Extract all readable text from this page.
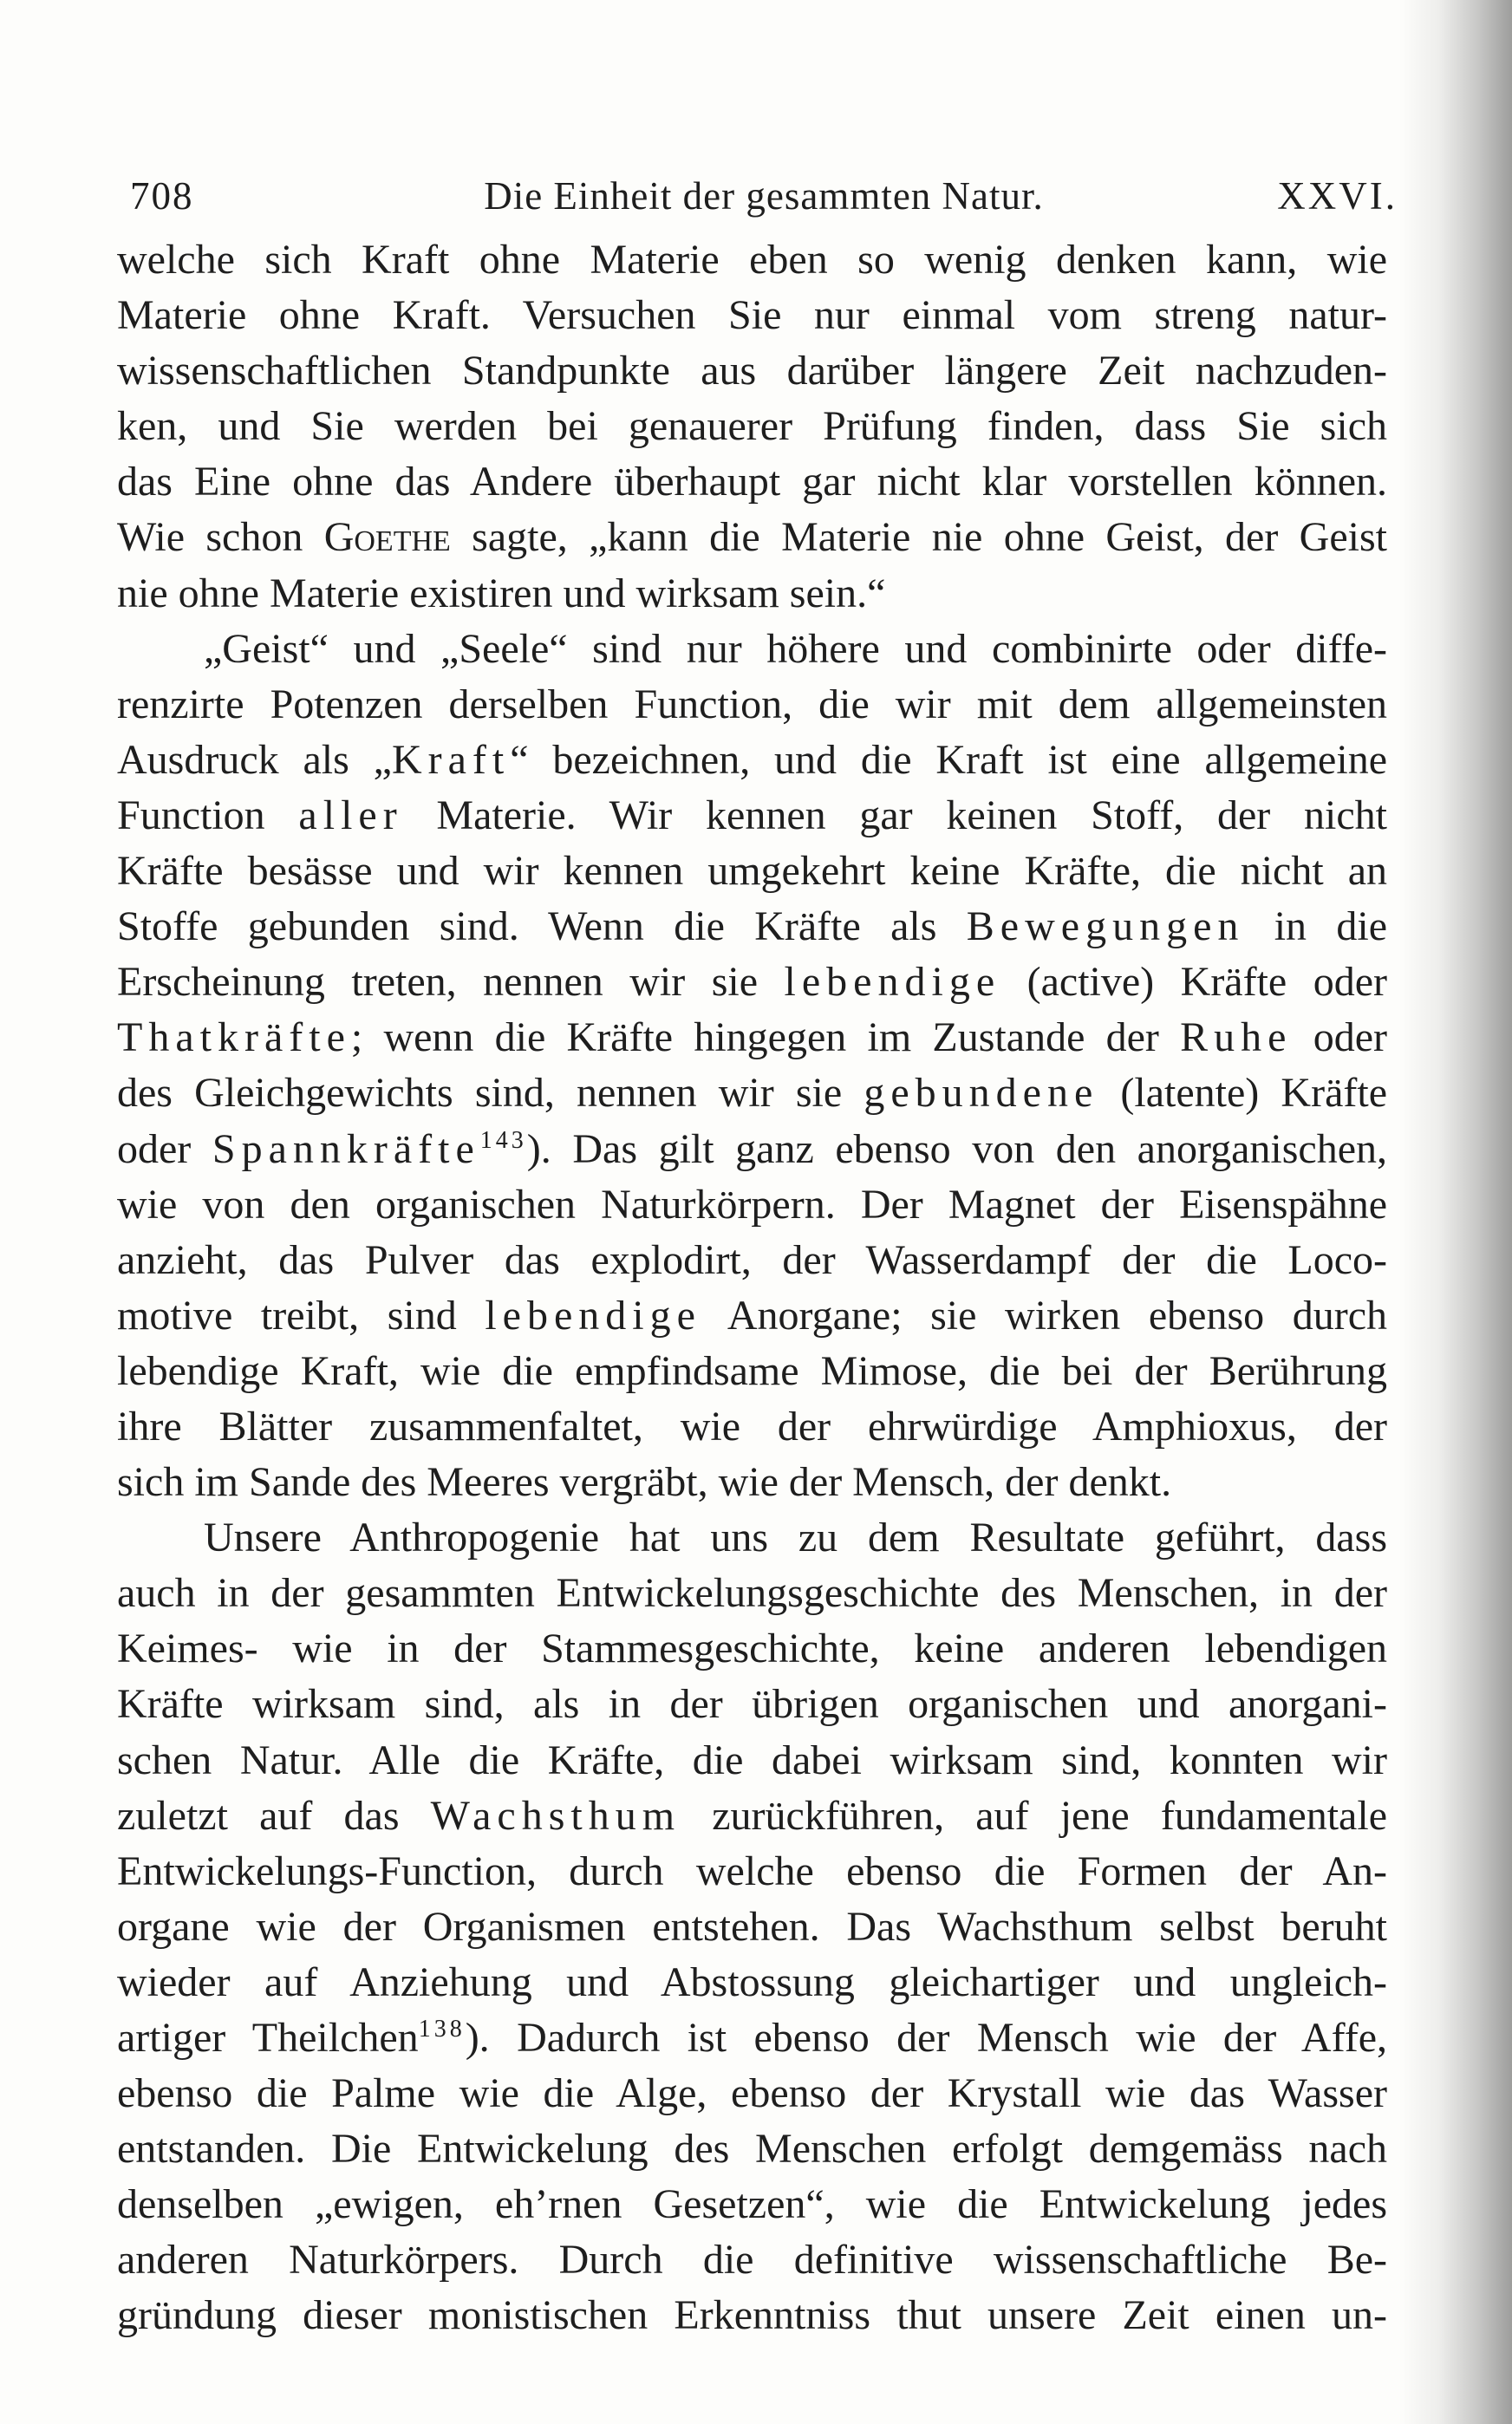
708	Die Einheit der gesammten Natur.	XXVI.
welche sich Kraft ohne Materie eben so wenig denken kann, wie
Materie ohne Kraft. Versuchen Sie nur einmal vom streng natur-
wissenschaftlichen Standpunkte aus darüber längere Zeit nachzuden-
ken, und Sie werden bei genauerer Prüfung finden, dass Sie sich
das Eine ohne das Andere überhaupt gar nicht klar vorstellen können.
Wie schon Goethe sagte, „kann die Materie nie ohne Geist, der Geist
nie ohne Materie existiren und wirksam sein.“
„Geist“ und „Seele“ sind nur höhere und combinirte oder diffe-
renzirte Potenzen derselben Function, die wir mit dem allgemeinsten
Ausdruck als „Kraft“ bezeichnen, und die Kraft ist eine allgemeine
Function aller Materie. Wir kennen gar keinen Stoff, der nicht
Kräfte besässe und wir kennen umgekehrt keine Kräfte, die nicht an
Stoffe gebunden sind. Wenn die Kräfte als Bewegungen in die
Erscheinung treten, nennen wir sie lebendige (active) Kräfte oder
Thatkräfte; wenn die Kräfte hingegen im Zustande der Ruhe oder
des Gleichgewichts sind, nennen wir sie gebundene (latente) Kräfte
oder Spannkräfte$^{143}$). Das gilt ganz ebenso von den anorganischen,
wie von den organischen Naturkörpern. Der Magnet der Eisenspähne
anzieht, das Pulver das explodirt, der Wasserdampf der die Loco-
motive treibt, sind lebendige Anorgane; sie wirken ebenso durch
lebendige Kraft, wie die empfindsame Mimose, die bei der Berührung
ihre Blätter zusammenfaltet, wie der ehrwürdige Amphioxus, der
sich im Sande des Meeres vergräbt, wie der Mensch, der denkt.
Unsere Anthropogenie hat uns zu dem Resultate geführt, dass
auch in der gesammten Entwickelungsgeschichte des Menschen, in der
Keimes- wie in der Stammesgeschichte, keine anderen lebendigen
Kräfte wirksam sind, als in der übrigen organischen und anorgani-
schen Natur. Alle die Kräfte, die dabei wirksam sind, konnten wir
zuletzt auf das Wachsthum zurückführen, auf jene fundamentale
Entwickelungs-Function, durch welche ebenso die Formen der An-
organe wie der Organismen entstehen. Das Wachsthum selbst beruht
wieder auf Anziehung und Abstossung gleichartiger und ungleich-
artiger Theilchen$^{138}$). Dadurch ist ebenso der Mensch wie der Affe,
ebenso die Palme wie die Alge, ebenso der Krystall wie das Wasser
entstanden. Die Entwickelung des Menschen erfolgt demgemäss nach
denselben „ewigen, eh’rnen Gesetzen“, wie die Entwickelung jedes
anderen Naturkörpers. Durch die definitive wissenschaftliche Be-
gründung dieser monistischen Erkenntniss thut unsere Zeit einen un-
